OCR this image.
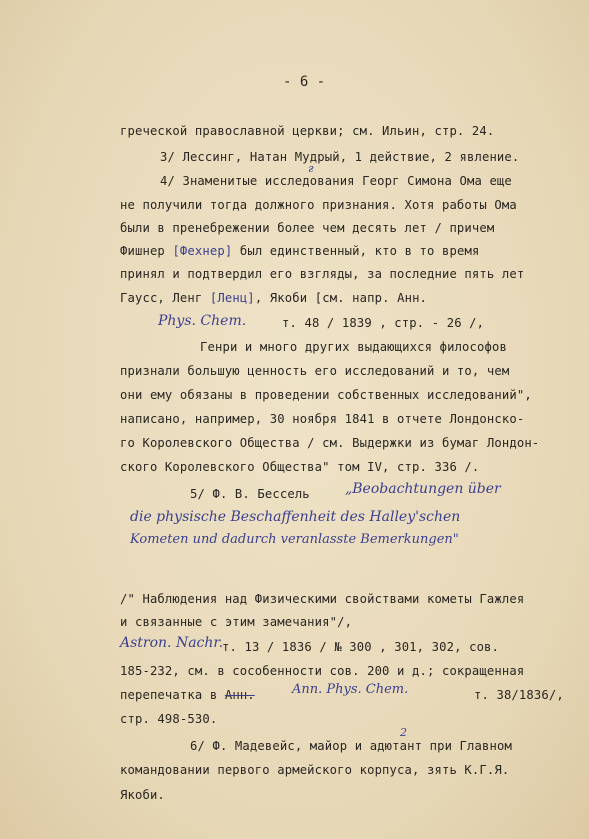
- 6 -
греческой православной церкви; см. Ильин, стр. 24.
3/ Лессинг, Натан Мудрый, 1 действие, 2 явление.
4/ Знаменитые исследования Георг Симона Ома еще
г
не получили тогда должного признания. Хотя работы Ома
были в пренебрежении более чем десять лет / причем
Фишнер [Фехнер] был единственный, кто в то время
принял и подтвердил его взгляды, за последние пять лет
Гаусс, Ленг [Ленц], Якоби [см. напр. Анн.
Phys. Chem.	т. 48 / 1839 , стр. - 26 /,
Генри и много других выдающихся философов
признали большую ценность его исследований и то, чем
они ему обязаны в проведении собственных исследований",
написано, например, 30 ноября 1841 в отчете Лондонско-
го Королевского Общества / см. Выдержки из бумаг Лондон-
ского Королевского Общества" том IV, стр. 336 /.
5/ Ф. В. Бессель	„Beobachtungen über
die physische Beschaffenheit des Halley'schen
Kometen und dadurch veranlasste Bemerkungen"
/" Наблюдения над Физическими свойствами кометы Гажлея
и связанные с этим замечания"/,
Astron. Nachr.
т. 13 / 1836 / № 300 , 301, 302, сов.
185-232, см. в сособенности сов. 200 и д.; сокращенная
перепечатка в Анн.	Ann. Phys. Chem.	т. 38/1836/,
стр. 498-530.
2
6/ Ф. Мадевейс, майор и адютант при Главном
командовании первого армейского корпуса, зять К.Г.Я.
Якоби.
